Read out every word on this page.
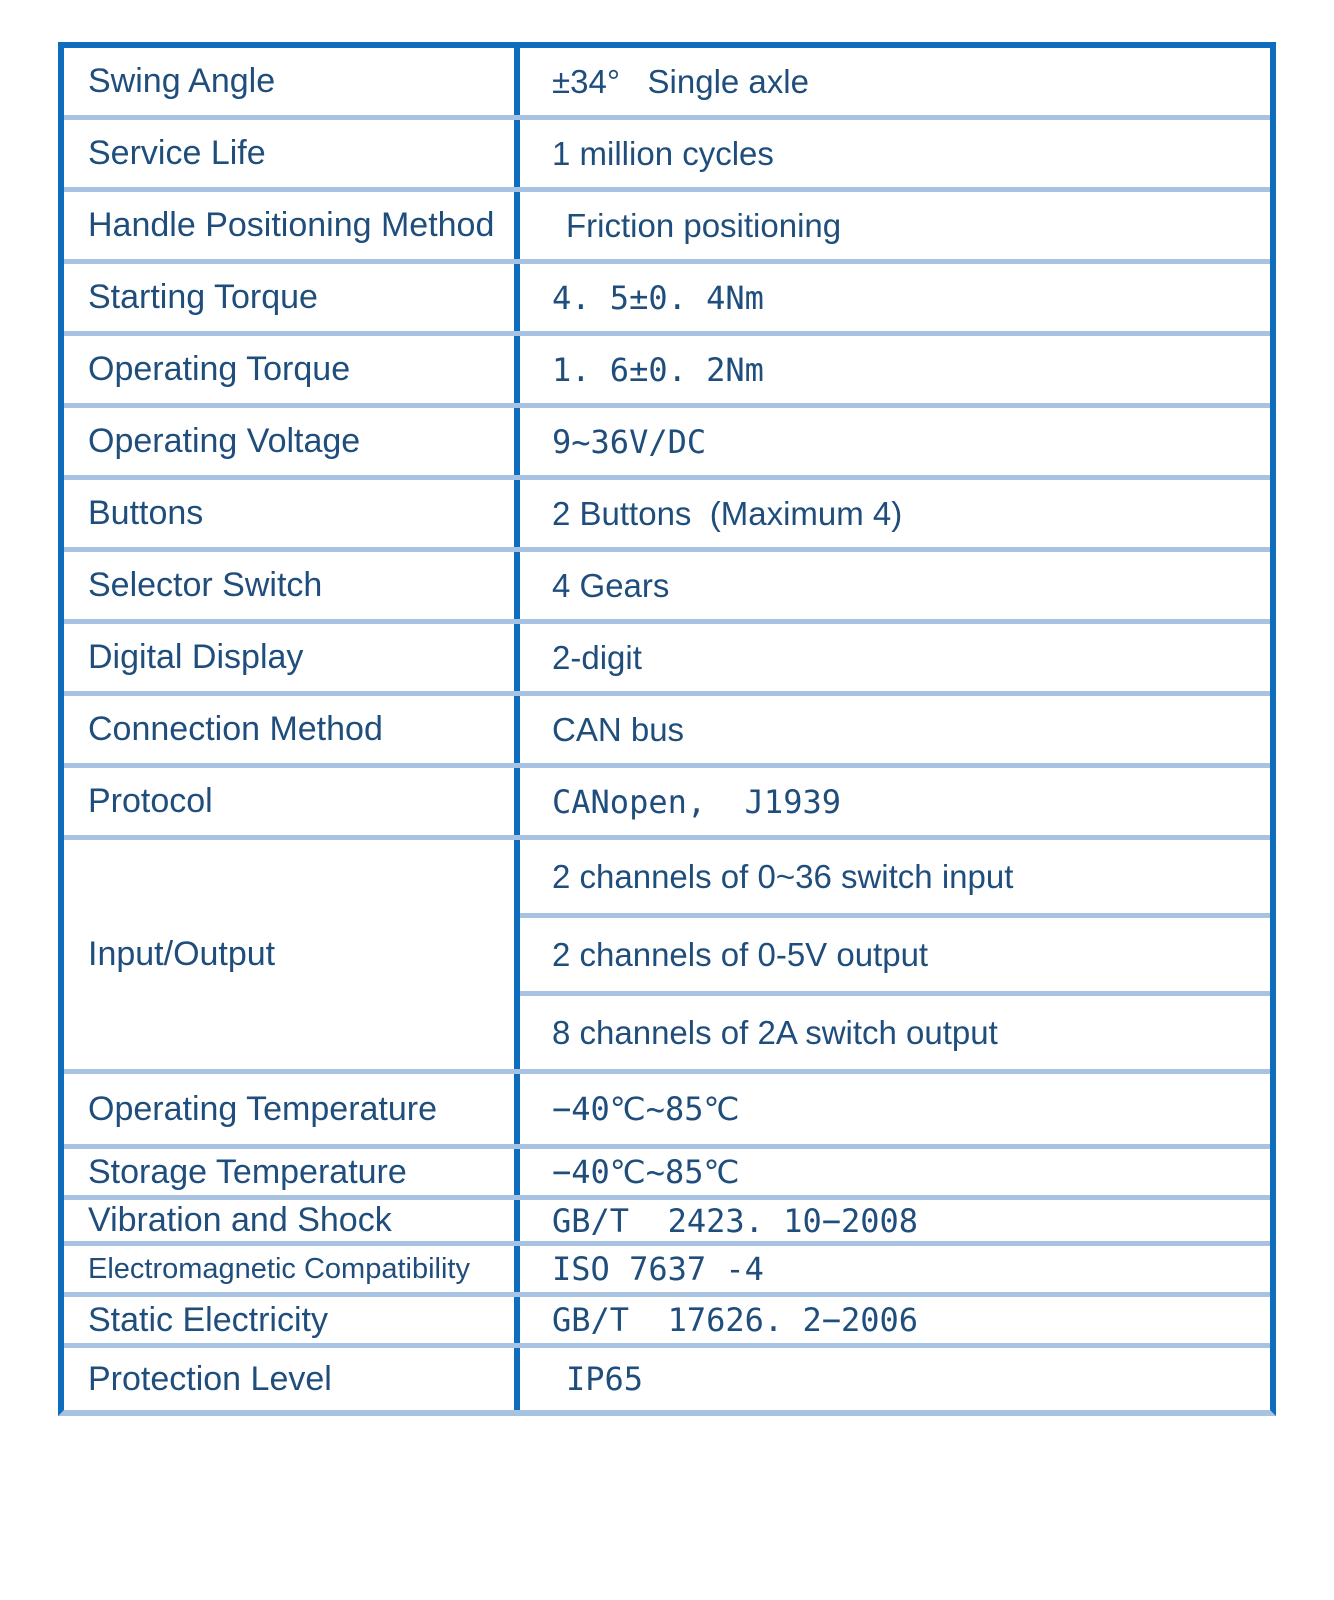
Swing Angle	±34°   Single axle
Service Life	1 million cycles
Handle Positioning Method	Friction positioning
Starting Torque	4. 5±0. 4Nm
Operating Torque	1. 6±0. 2Nm
Operating Voltage	9~36V/DC
Buttons	2 Buttons  (Maximum 4)
Selector Switch	4 Gears
Digital Display	2-digit
Connection Method	CAN bus
Protocol	CANopen,  J1939
Input/Output
2 channels of 0~36 switch input
2 channels of 0-5V output
8 channels of 2A switch output
Operating Temperature	−40℃~85℃
Storage Temperature	−40℃~85℃
Vibration and Shock	GB/T  2423. 10−2008
Electromagnetic Compatibility	ISO 7637 -4
Static Electricity	GB/T  17626. 2−2006
Protection Level	IP65
